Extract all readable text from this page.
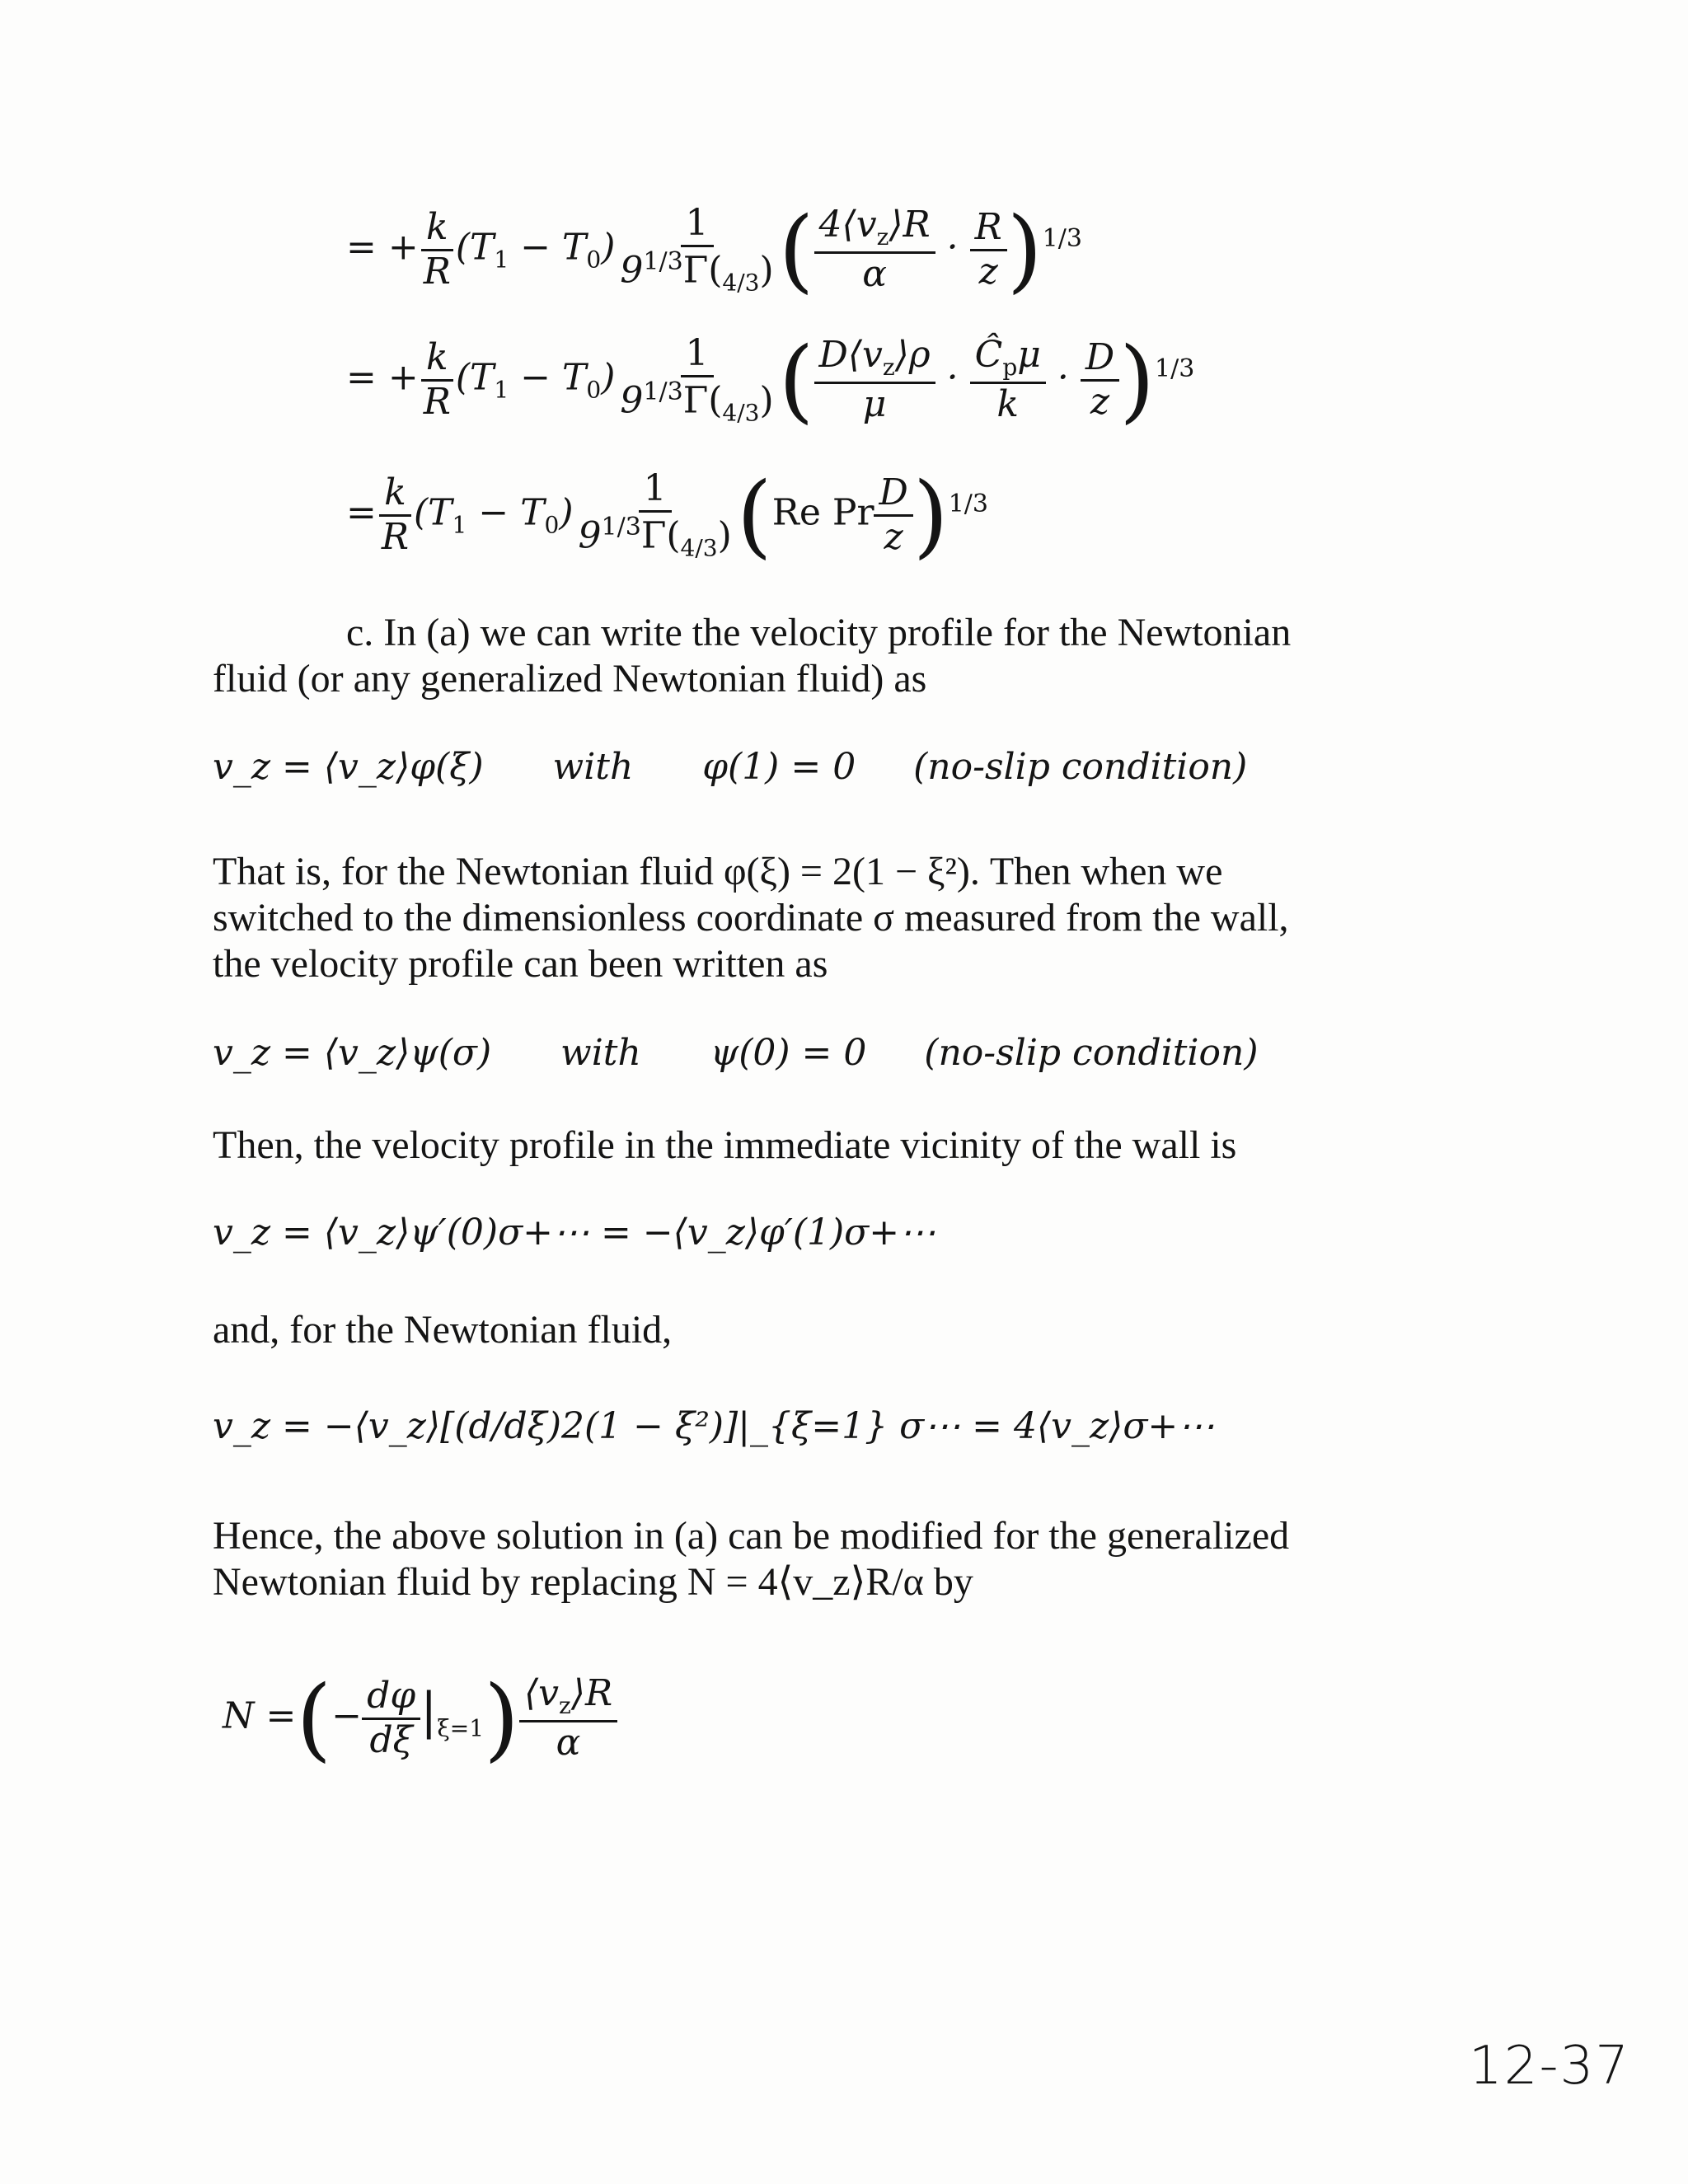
= + $\frac{k}{R} (T_1 - T_0) \frac{1}{9^{1/3}\Gamma(_{4/3})}$ ( $\frac{4⟨v_z⟩R}{\alpha} \cdot \frac{R}{z} )^{1/3}$
= + $\frac{k}{R} (T_1 - T_0) \frac{1}{9^{1/3}\Gamma(_{4/3})}$ ( $\frac{D⟨v_z⟩\rho}{\mu} \cdot \frac{Ĉ_p\mu}{k} \cdot \frac{D}{z} )^{1/3}$
= $\frac{k}{R} (T_1 - T_0) \frac{1}{9^{1/3}\Gamma(_{4/3})} (Re$ Pr $\frac{D}{z} )^{1/3}$
c. In (a) we can write the velocity profile for the Newtonian
fluid (or any generalized Newtonian fluid) as
v_z = ⟨v_z⟩φ(ξ)      with      φ(1) = 0     (no-slip condition)
That is, for the Newtonian fluid φ(ξ) = 2(1 − ξ²). Then when we
switched to the dimensionless coordinate σ measured from the wall,
the velocity profile can been written as
v_z = ⟨v_z⟩ψ(σ)      with      ψ(0) = 0     (no-slip condition)
Then, the velocity profile in the immediate vicinity of the wall is
v_z = ⟨v_z⟩ψ′(0)σ+⋯ = −⟨v_z⟩φ′(1)σ+⋯
and, for the Newtonian fluid,
v_z = −⟨v_z⟩[(d/dξ)2(1 − ξ²)]|_{ξ=1} σ⋯ = 4⟨v_z⟩σ+⋯
Hence, the above solution in (a) can be modified for the generalized
Newtonian fluid by replacing N = 4⟨v_z⟩R/α by
N =(− $\frac{d\varphi}{d\xi} |_{\xi=1}) \frac{⟨v_z⟩R}{\alpha}$
12-37
